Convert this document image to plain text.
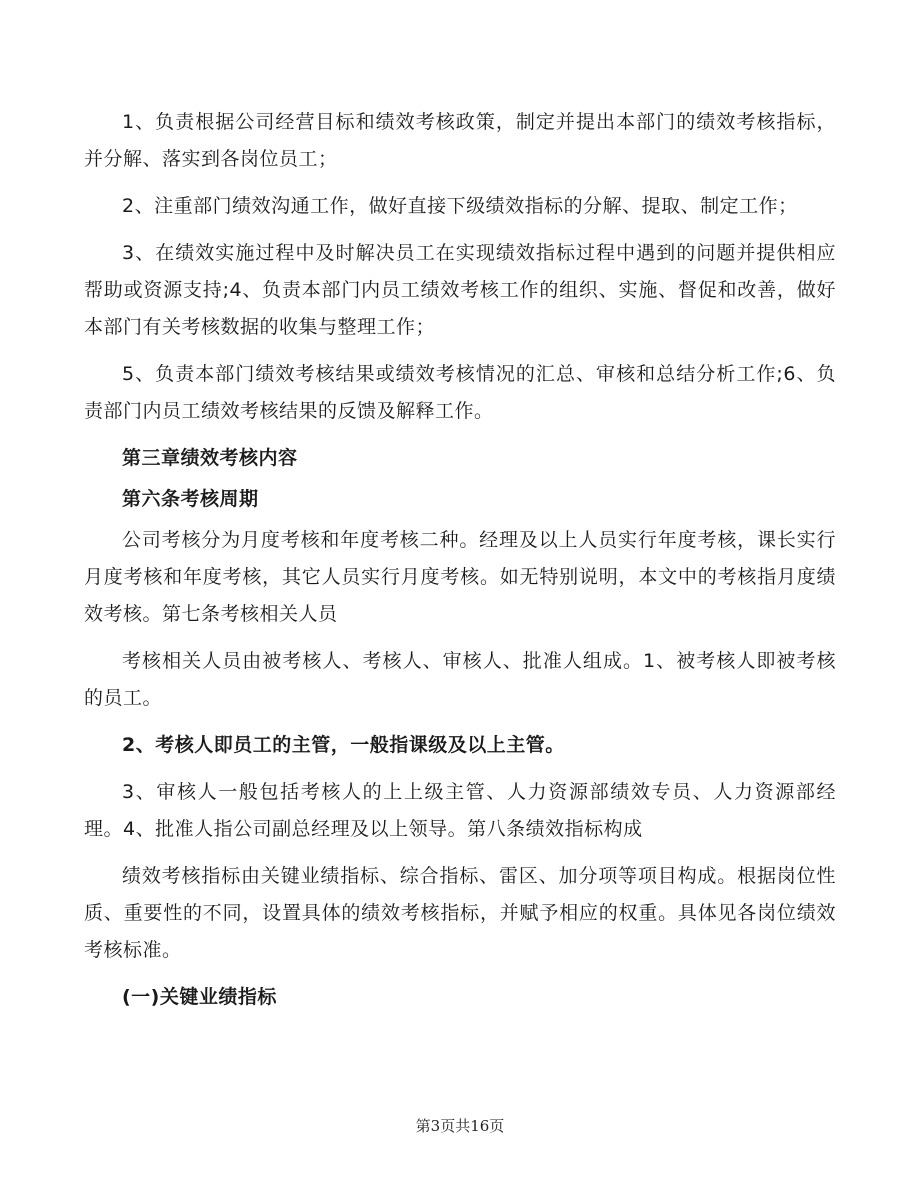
1、负责根据公司经营目标和绩效考核政策，制定并提出本部门的绩效考核指标，并分解、落实到各岗位员工；

2、注重部门绩效沟通工作，做好直接下级绩效指标的分解、提取、制定工作；

3、在绩效实施过程中及时解决员工在实现绩效指标过程中遇到的问题并提供相应帮助或资源支持;4、负责本部门内员工绩效考核工作的组织、实施、督促和改善，做好本部门有关考核数据的收集与整理工作；

5、负责本部门绩效考核结果或绩效考核情况的汇总、审核和总结分析工作;6、负责部门内员工绩效考核结果的反馈及解释工作。

第三章绩效考核内容

第六条考核周期

公司考核分为月度考核和年度考核二种。经理及以上人员实行年度考核，课长实行月度考核和年度考核，其它人员实行月度考核。如无特别说明，本文中的考核指月度绩效考核。第七条考核相关人员

考核相关人员由被考核人、考核人、审核人、批准人组成。1、被考核人即被考核的员工。

2、考核人即员工的主管，一般指课级及以上主管。

3、审核人一般包括考核人的上上级主管、人力资源部绩效专员、人力资源部经理。4、批准人指公司副总经理及以上领导。第八条绩效指标构成

绩效考核指标由关键业绩指标、综合指标、雷区、加分项等项目构成。根据岗位性质、重要性的不同，设置具体的绩效考核指标，并赋予相应的权重。具体见各岗位绩效考核标准。

(一)关键业绩指标

第3页共16页
